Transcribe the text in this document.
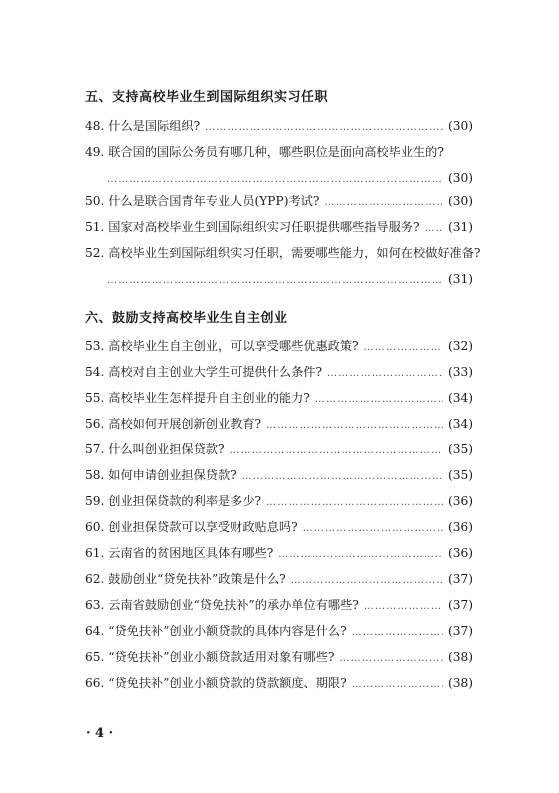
五、支持高校毕业生到国际组织实习任职
48. 什么是国际组织? ……………………………………………………………………………………………………………………………………………………	(30)
49. 联合国的国际公务员有哪几种，哪些职位是面向高校毕业生的?
……………………………………………………………………………………………………………………………………………………
(30)
50. 什么是联合国青年专业人员(YPP)考试? ……………………………………………………………………………………………………………………………………………………	(30)
51. 国家对高校毕业生到国际组织实习任职提供哪些指导服务? …………………………………………………………………………………………………………………………………………………… (31)
52. 高校毕业生到国际组织实习任职，需要哪些能力，如何在校做好准备?
……………………………………………………………………………………………………………………………………………………
(31)
六、鼓励支持高校毕业生自主创业
53. 高校毕业生自主创业，可以享受哪些优惠政策? ……………………………………………………………………………………………………………………………………………………	(32)
54. 高校对自主创业大学生可提供什么条件? ……………………………………………………………………………………………………………………………………………………	(33)
55. 高校毕业生怎样提升自主创业的能力? ……………………………………………………………………………………………………………………………………………………	(34)
56. 高校如何开展创新创业教育? ……………………………………………………………………………………………………………………………………………………	(34)
57. 什么叫创业担保贷款? ……………………………………………………………………………………………………………………………………………………	(35)
58. 如何申请创业担保贷款? ……………………………………………………………………………………………………………………………………………………	(35)
59. 创业担保贷款的利率是多少? ……………………………………………………………………………………………………………………………………………………	(36)
60. 创业担保贷款可以享受财政贴息吗? ……………………………………………………………………………………………………………………………………………………	(36)
61. 云南省的贫困地区具体有哪些? ……………………………………………………………………………………………………………………………………………………	(36)
62. 鼓励创业“贷免扶补”政策是什么? ……………………………………………………………………………………………………………………………………………………	(37)
63. 云南省鼓励创业“贷免扶补”的承办单位有哪些? ……………………………………………………………………………………………………………………………………………………	(37)
64. “贷免扶补”创业小额贷款的具体内容是什么? ……………………………………………………………………………………………………………………………………………………	(37)
65. “贷免扶补”创业小额贷款适用对象有哪些? ……………………………………………………………………………………………………………………………………………………	(38)
66. “贷免扶补”创业小额贷款的贷款额度、期限? ……………………………………………………………………………………………………………………………………………………	(38)
· 4 ·
